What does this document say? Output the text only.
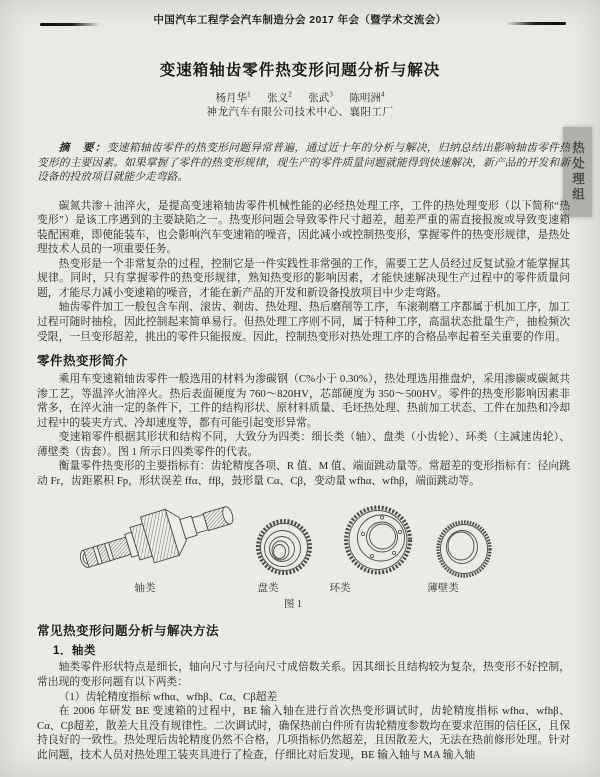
中国汽车工程学会汽车制造分会 2017 年会（暨学术交流会）
变速箱轴齿零件热变形问题分析与解决
杨月华$^1$ 张义$^2$ 张武$^3$ 陈明洲$^4$
神龙汽车有限公司技术中心、襄阳工厂
热处理组

摘　要：变速箱轴齿零件的热变形问题异常普遍，通过近十年的分析与解决，归纳总结出影响轴齿零件热变形的主要因素。如果掌握了零件的热变形规律，现生产的零件质量问题就能得到快速解决，新产品的开发和新设备的投放项目就能少走弯路。

碳氮共渗＋油淬火，是提高变速箱轴齿零件机械性能的必经热处理工序，工件的热处理变形（以下简称“热变形”）是该工序遇到的主要缺陷之一。热变形问题会导致零件尺寸超差，超差严重的需直接报废或导致变速箱装配困难，即使能装车，也会影响汽车变速箱的噪音，因此减小或控制热变形，掌握零件的热变形规律，是热处理技术人员的一项重要任务。

热变形是一个非常复杂的过程，控制它是一件实践性非常强的工作，需要工艺人员经过反复试验才能掌握其规律。同时，只有掌握零件的热变形规律，熟知热变形的影响因素，才能快速解决现生产过程中的零件质量问题，才能尽力减小变速箱的噪音，才能在新产品的开发和新设备投放项目中少走弯路。

轴齿零件加工一般包含车削、滚齿、剃齿、热处理、热后磨削等工序，车滚剃磨工序都属于机加工序，加工过程可随时抽检，因此控制起来简单易行。但热处理工序则不同，属于特种工序，高温状态批量生产，抽检频次受限，一旦变形超差，挑出的零件只能报废。因此，控制热变形对热处理工序的合格品率起着至关重要的作用。

零件热变形简介

乘用车变速箱轴齿零件一般选用的材料为渗碳钢（C%小于 0.30%），热处理选用推盘炉，采用渗碳或碳氮共渗工艺，等温淬火油淬火。热后表面硬度为 760～820HV，芯部硬度为 350～500HV。零件的热变形影响因素非常多，在淬火油一定的条件下，工件的结构形状、原材料质量、毛坯热处理、热前加工状态、工件在加热和冷却过程中的装夹方式、冷却速度等，都有可能引起变形异常。

变速箱零件根据其形状和结构不同，大致分为四类：细长类（轴）、盘类（小齿轮）、环类（主减速齿轮）、薄壁类（齿套）。图 1 所示日四类零件的代表。

衡量零件热变形的主要指标有：齿轮精度各项、R 值、M 值、端面跳动量等。常超差的变形指标有：径向跳动 Fr，齿距累积 Fp，形状误差 ffα、ffβ，鼓形量 Cα、Cβ，变动量 wfhα、wfhβ，端面跳动等。

轴类	盘类	环类	薄壁类
图 1
常见热变形问题分析与解决方法
1．轴类

轴类零件形状特点是细长，轴向尺寸与径向尺寸成倍数关系。因其细长且结构较为复杂，热变形不好控制，常出现的变形问题有以下两类：

（1）齿轮精度指标 wfhα、wfhβ、Cα、Cβ超差

在 2006 年研发 BE 变速箱的过程中，BE 输入轴在进行首次热变形调试时，齿轮精度指标 wfhα、wfhβ、Cα、Cβ超差，散差大且没有规律性。二次调试时，确保热前白件所有齿轮精度参数均在要求范围的信任区，且保持良好的一致性。热处理后齿轮精度仍然不合格，几项指标仍然超差，且因散差大，无法在热前修形处理。针对此问题，技术人员对热处理工装夹具进行了检查，仔细比对后发现，BE 输入轴与 MA 输入轴
